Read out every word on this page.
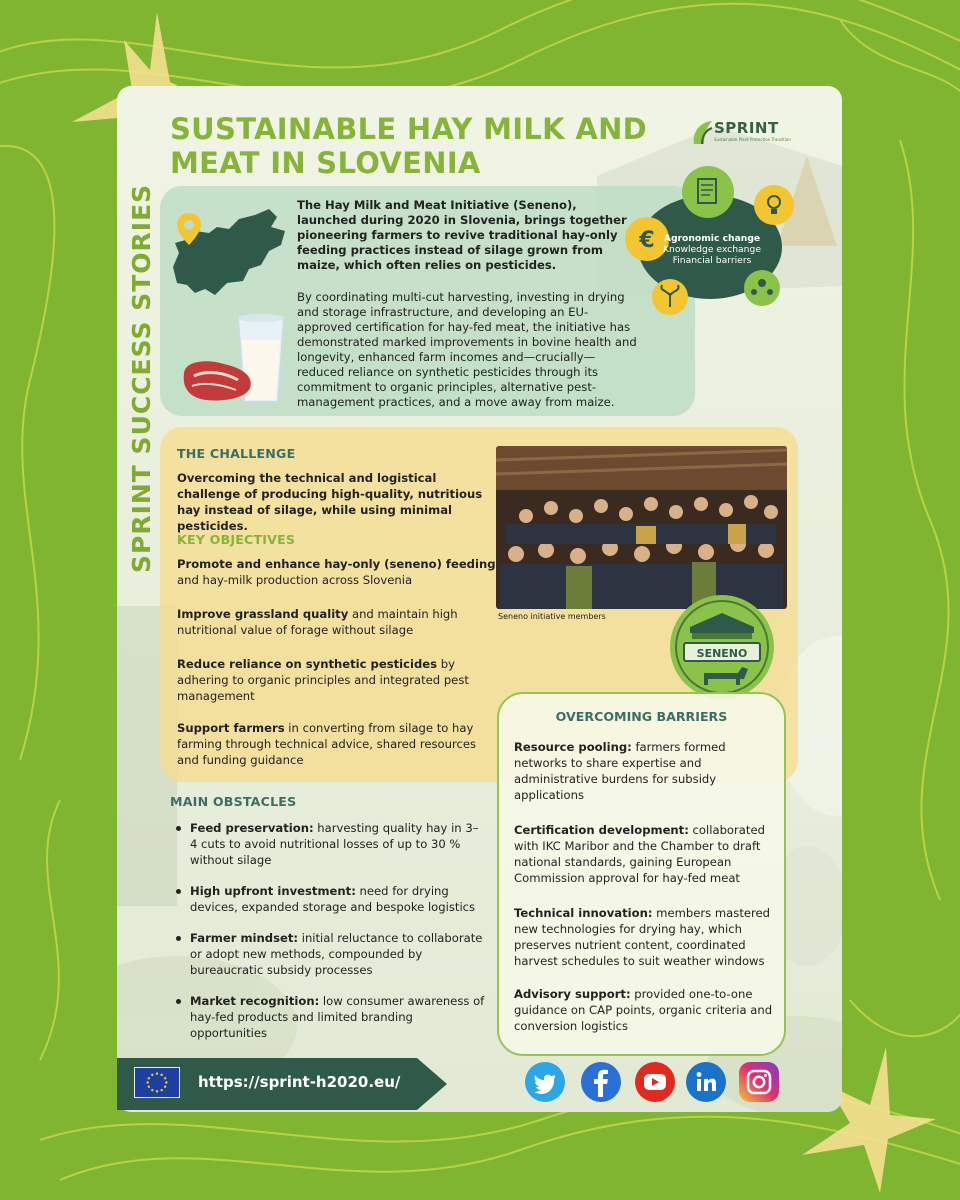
SPRINT SUCCESS STORIES
SUSTAINABLE HAY MILK AND MEAT IN SLOVENIA
SPRINT
Sustainable Plant Protection Transition
The Hay Milk and Meat Initiative (Seneno), launched during 2020 in Slovenia, brings together pioneering farmers to revive traditional hay-only feeding practices instead of silage grown from maize, which often relies on pesticides.
By coordinating multi-cut harvesting, investing in drying and storage infrastructure, and developing an EU-approved certification for hay-fed meat, the initiative has demonstrated marked improvements in bovine health and longevity, enhanced farm incomes and—crucially—reduced reliance on synthetic pesticides through its commitment to organic principles, alternative pest-management practices, and a move away from maize.
€ Agronomic change
Knowledge exchange
Financial barriers
THE CHALLENGE
Overcoming the technical and logistical challenge of producing high-quality, nutritious hay instead of silage, while using minimal pesticides.
KEY OBJECTIVES
Promote and enhance hay-only (seneno) feeding and hay-milk production across Slovenia
Improve grassland quality and maintain high nutritional value of forage without silage
Reduce reliance on synthetic pesticides by adhering to organic principles and integrated pest management
Support farmers in converting from silage to hay farming through technical advice, shared resources and funding guidance
Seneno initiative members
SENENO
MAIN OBSTACLES
Feed preservation: harvesting quality hay in 3–4 cuts to avoid nutritional losses of up to 30 % without silage
High upfront investment: need for drying devices, expanded storage and bespoke logistics
Farmer mindset: initial reluctance to collaborate or adopt new methods, compounded by bureaucratic subsidy processes
Market recognition: low consumer awareness of hay-fed products and limited branding opportunities
OVERCOMING BARRIERS
Resource pooling: farmers formed networks to share expertise and administrative burdens for subsidy applications
Certification development: collaborated with IKC Maribor and the Chamber to draft national standards, gaining European Commission approval for hay-fed meat
Technical innovation: members mastered new technologies for drying hay, which preserves nutrient content, coordinated harvest schedules to suit weather windows
Advisory support: provided one-to-one guidance on CAP points, organic criteria and conversion logistics
https://sprint-h2020.eu/
